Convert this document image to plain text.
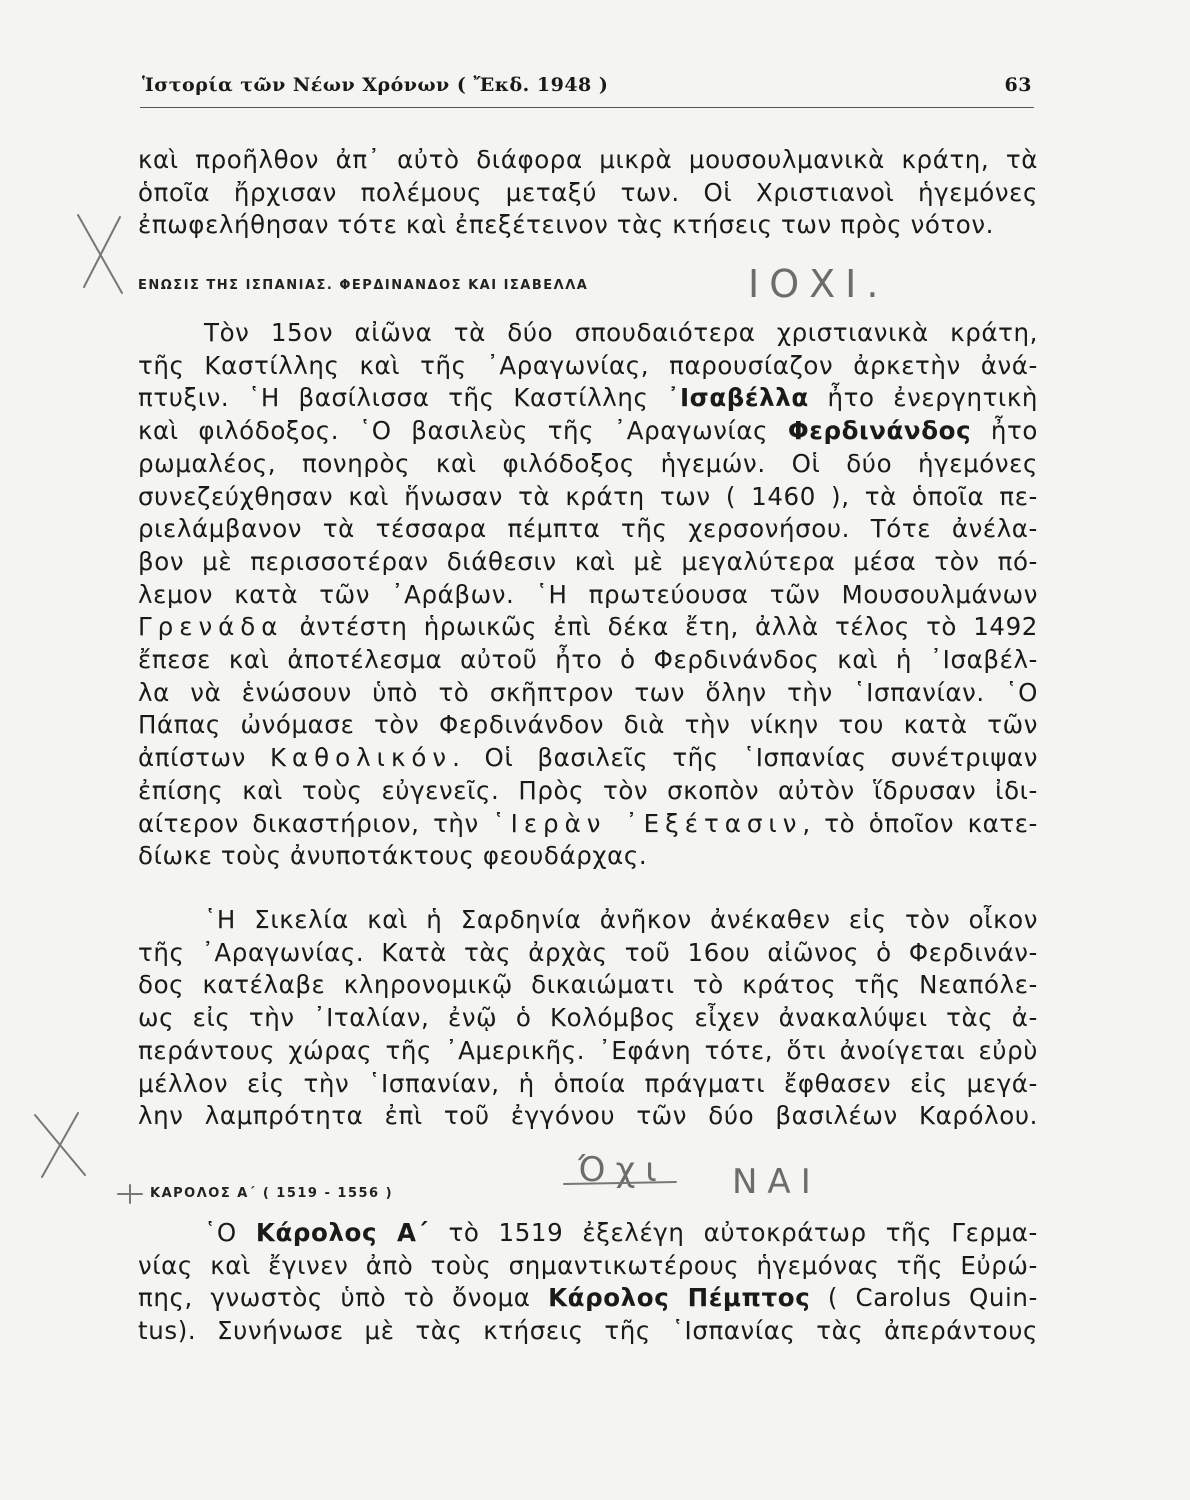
Ἱστορία τῶν Νέων Χρόνων ( Ἔκδ. 1948 )	63
καὶ προῆλθον ἀπ᾽ αὐτὸ διάφορα μικρὰ μουσουλμανικὰ κράτη, τὰ
ὁποῖα ἤρχισαν πολέμους μεταξύ των. Οἱ Χριστιανοὶ ἡγεμόνες
ἐπωφελήθησαν τότε καὶ ἐπεξέτεινον τὰς κτήσεις των πρὸς νότον.
ΕΝΩΣΙΣ ΤΗΣ ΙΣΠΑΝΙΑΣ. ΦΕΡΔΙΝΑΝΔΟΣ ΚΑΙ ΙΣΑΒΕΛΛΑ	ΙΟΧΙ.
Τὸν 15ον αἰῶνα τὰ δύο σπουδαιότερα χριστιανικὰ κράτη,
τῆς Καστίλλης καὶ τῆς ᾽Αραγωνίας, παρουσίαζον ἀρκετὴν ἀνά-
πτυξιν. ῾Η βασίλισσα τῆς Καστίλλης ᾽Ισαβέλλα ἦτο ἐνεργητικὴ
καὶ φιλόδοξος. ῾Ο βασιλεὺς τῆς ᾽Αραγωνίας Φερδινάνδος ἦτο
ρωμαλέος, πονηρὸς καὶ φιλόδοξος ἡγεμών. Οἱ δύο ἡγεμόνες
συνεζεύχθησαν καὶ ἥνωσαν τὰ κράτη των ( 1460 ), τὰ ὁποῖα πε-
ριελάμβανον τὰ τέσσαρα πέμπτα τῆς χερσονήσου. Τότε ἀνέλα-
βον μὲ περισσοτέραν διάθεσιν καὶ μὲ μεγαλύτερα μέσα τὸν πό-
λεμον κατὰ τῶν ᾽Αράβων. ῾Η πρωτεύουσα τῶν Μουσουλμάνων
Γρενάδα ἀντέστη ἡρωικῶς ἐπὶ δέκα ἔτη, ἀλλὰ τέλος τὸ 1492
ἔπεσε καὶ ἀποτέλεσμα αὐτοῦ ἦτο ὁ Φερδινάνδος καὶ ἡ ᾽Ισαβέλ-
λα νὰ ἑνώσουν ὑπὸ τὸ σκῆπτρον των ὅλην τὴν ῾Ισπανίαν. ῾Ο
Πάπας ὠνόμασε τὸν Φερδινάνδον διὰ τὴν νίκην του κατὰ τῶν
ἀπίστων Καθολικόν. Οἱ βασιλεῖς τῆς ῾Ισπανίας συνέτριψαν
ἐπίσης καὶ τοὺς εὐγενεῖς. Πρὸς τὸν σκοπὸν αὐτὸν ἵδρυσαν ἰδι-
αίτερον δικαστήριον, τὴν ῾Ιερὰν ᾽Εξέτασιν, τὸ ὁποῖον κατε-
δίωκε τοὺς ἀνυποτάκτους φεουδάρχας.
῾Η Σικελία καὶ ἡ Σαρδηνία ἀνῆκον ἀνέκαθεν εἰς τὸν οἶκον
τῆς ᾽Αραγωνίας. Κατὰ τὰς ἀρχὰς τοῦ 16ου αἰῶνος ὁ Φερδινάν-
δος κατέλαβε κληρονομικῷ δικαιώματι τὸ κράτος τῆς Νεαπόλε-
ως εἰς τὴν ᾽Ιταλίαν, ἐνῷ ὁ Κολόμβος εἶχεν ἀνακαλύψει τὰς ἀ-
περάντους χώρας τῆς ᾽Αμερικῆς. ᾽Εφάνη τότε, ὅτι ἀνοίγεται εὐρὺ
μέλλον εἰς τὴν ῾Ισπανίαν, ἡ ὁποία πράγματι ἔφθασεν εἰς μεγά-
λην λαμπρότητα ἐπὶ τοῦ ἐγγόνου τῶν δύο βασιλέων Καρόλου.
ΚΑΡΟΛΟΣ Α´ ( 1519 - 1556 )
Όχι ΝΑΙ
῾Ο Κάρολος Α´ τὸ 1519 ἐξελέγη αὐτοκράτωρ τῆς Γερμα-
νίας καὶ ἔγινεν ἀπὸ τοὺς σημαντικωτέρους ἡγεμόνας τῆς Εὐρώ-
πης, γνωστὸς ὑπὸ τὸ ὄνομα Κάρολος Πέμπτος ( Carolus Quin-
tus). Συνήνωσε μὲ τὰς κτήσεις τῆς ῾Ισπανίας τὰς ἀπεράντους
